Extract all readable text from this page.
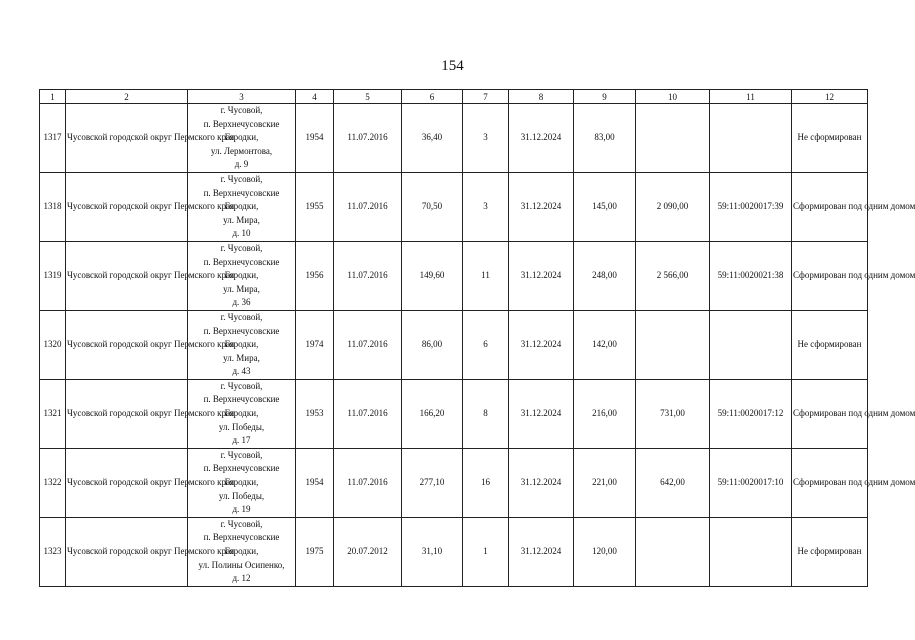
154
1	2	3	4	5	6	7	8	9	10	11	12
1317	Чусовской городской округ Пермского края	г. Чусовой,
п. Верхнечусовские
Городки,
ул. Лермонтова,
д. 9	1954	11.07.2016	36,40	3	31.12.2024	83,00			Не сформирован
1318	Чусовской городской округ Пермского края	г. Чусовой,
п. Верхнечусовские
Городки,
ул. Мира,
д. 10	1955	11.07.2016	70,50	3	31.12.2024	145,00	2 090,00	59:11:0020017:39	Сформирован под одним домом
1319	Чусовской городской округ Пермского края	г. Чусовой,
п. Верхнечусовские
Городки,
ул. Мира,
д. 36	1956	11.07.2016	149,60	11	31.12.2024	248,00	2 566,00	59:11:0020021:38	Сформирован под одним домом
1320	Чусовской городской округ Пермского края	г. Чусовой,
п. Верхнечусовские
Городки,
ул. Мира,
д. 43	1974	11.07.2016	86,00	6	31.12.2024	142,00			Не сформирован
1321	Чусовской городской округ Пермского края	г. Чусовой,
п. Верхнечусовские
Городки,
ул. Победы,
д. 17	1953	11.07.2016	166,20	8	31.12.2024	216,00	731,00	59:11:0020017:12	Сформирован под одним домом
1322	Чусовской городской округ Пермского края	г. Чусовой,
п. Верхнечусовские
Городки,
ул. Победы,
д. 19	1954	11.07.2016	277,10	16	31.12.2024	221,00	642,00	59:11:0020017:10	Сформирован под одним домом
1323	Чусовской городской округ Пермского края	г. Чусовой,
п. Верхнечусовские
Городки,
ул. Полины Осипенко,
д. 12	1975	20.07.2012	31,10	1	31.12.2024	120,00			Не сформирован
